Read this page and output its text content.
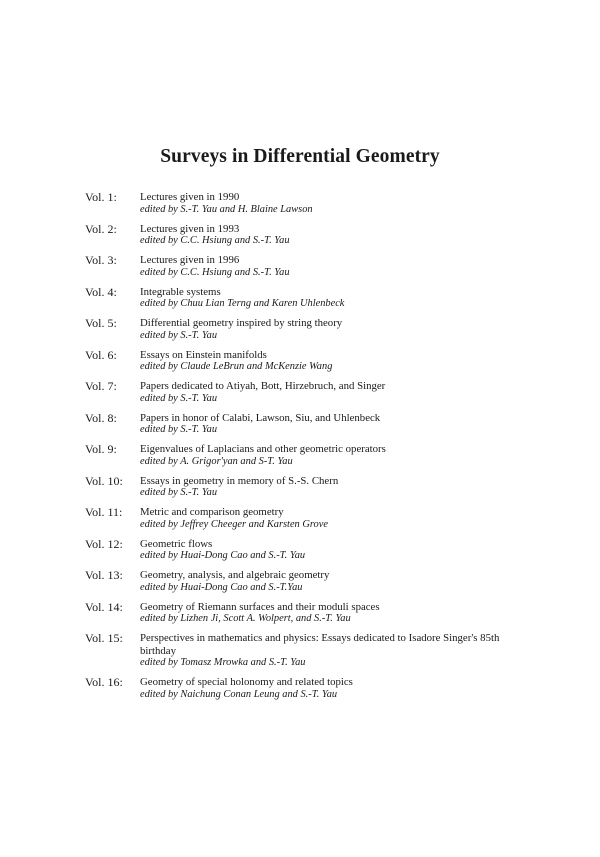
Surveys in Differential Geometry
Vol. 1: Lectures given in 1990
edited by S.-T. Yau and H. Blaine Lawson
Vol. 2: Lectures given in 1993
edited by C.C. Hsiung and S.-T. Yau
Vol. 3: Lectures given in 1996
edited by C.C. Hsiung and S.-T. Yau
Vol. 4: Integrable systems
edited by Chuu Lian Terng and Karen Uhlenbeck
Vol. 5: Differential geometry inspired by string theory
edited by S.-T. Yau
Vol. 6: Essays on Einstein manifolds
edited by Claude LeBrun and McKenzie Wang
Vol. 7: Papers dedicated to Atiyah, Bott, Hirzebruch, and Singer
edited by S.-T. Yau
Vol. 8: Papers in honor of Calabi, Lawson, Siu, and Uhlenbeck
edited by S.-T. Yau
Vol. 9: Eigenvalues of Laplacians and other geometric operators
edited by A. Grigor'yan and S-T. Yau
Vol. 10: Essays in geometry in memory of S.-S. Chern
edited by S.-T. Yau
Vol. 11: Metric and comparison geometry
edited by Jeffrey Cheeger and Karsten Grove
Vol. 12: Geometric flows
edited by Huai-Dong Cao and S.-T. Yau
Vol. 13: Geometry, analysis, and algebraic geometry
edited by Huai-Dong Cao and S.-T.Yau
Vol. 14: Geometry of Riemann surfaces and their moduli spaces
edited by Lizhen Ji, Scott A. Wolpert, and S.-T. Yau
Vol. 15: Perspectives in mathematics and physics: Essays dedicated to Isadore Singer's 85th birthday
edited by Tomasz Mrowka and S.-T. Yau
Vol. 16: Geometry of special holonomy and related topics
edited by Naichung Conan Leung and S.-T. Yau
